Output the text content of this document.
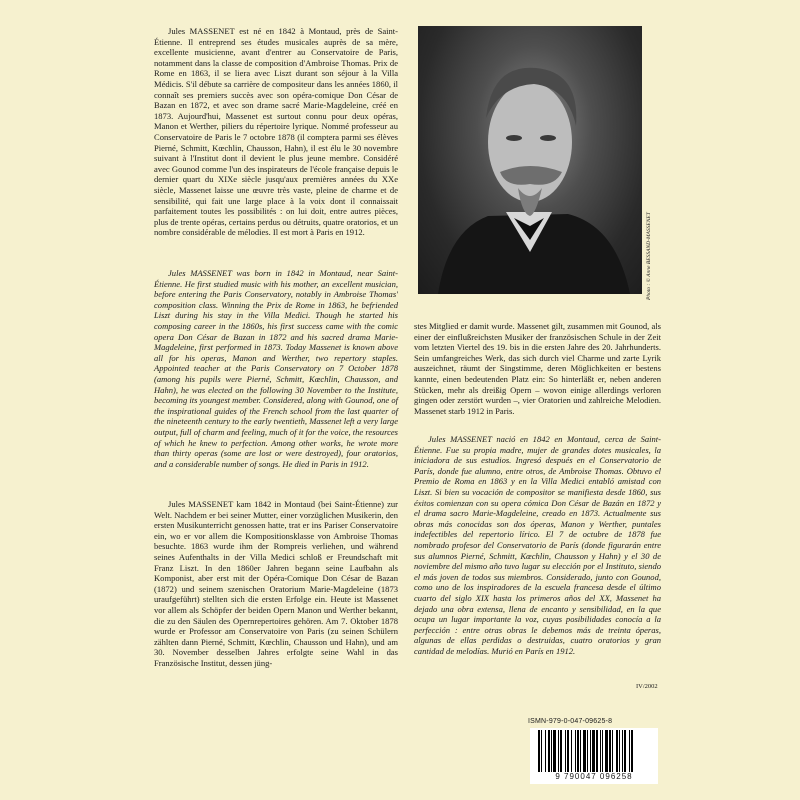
Jules MASSENET est né en 1842 à Montaud, près de Saint-Étienne. Il entreprend ses études musicales auprès de sa mère, excellente musicienne, avant d'entrer au Conservatoire de Paris, notamment dans la classe de composition d'Ambroise Thomas. Prix de Rome en 1863, il se liera avec Liszt durant son séjour à la Villa Médicis. S'il débute sa carrière de compositeur dans les années 1860, il connaît ses premiers succès avec son opéra-comique Don César de Bazan en 1872, et avec son drame sacré Marie-Magdeleine, créé en 1873. Aujourd'hui, Massenet est surtout connu pour deux opéras, Manon et Werther, piliers du répertoire lyrique. Nommé professeur au Conservatoire de Paris le 7 octobre 1878 (il comptera parmi ses élèves Pierné, Schmitt, Kœchlin, Chausson, Hahn), il est élu le 30 novembre suivant à l'Institut dont il devient le plus jeune membre. Considéré avec Gounod comme l'un des inspirateurs de l'école française depuis le dernier quart du XIXe siècle jusqu'aux premières années du XXe siècle, Massenet laisse une œuvre très vaste, pleine de charme et de sensibilité, qui fait une large place à la voix dont il connaissait parfaitement toutes les possibilités : on lui doit, entre autres pièces, plus de trente opéras, certains perdus ou détruits, quatre oratorios, et un nombre considérable de mélodies. Il est mort à Paris en 1912.

Jules MASSENET was born in 1842 in Montaud, near Saint-Étienne. He first studied music with his mother, an excellent musician, before entering the Paris Conservatory, notably in Ambroise Thomas' composition class. Winning the Prix de Rome in 1863, he befriended Liszt during his stay in the Villa Medici. Though he started his composing career in the 1860s, his first success came with the comic opera Don César de Bazan in 1872 and his sacred drama Marie-Magdeleine, first performed in 1873. Today Massenet is known above all for his operas, Manon and Werther, two repertory staples. Appointed teacher at the Paris Conservatory on 7 October 1878 (among his pupils were Pierné, Schmitt, Kœchlin, Chausson, and Hahn), he was elected on the following 30 November to the Institute, becoming its youngest member. Considered, along with Gounod, one of the inspirational guides of the French school from the last quarter of the nineteenth century to the early twentieth, Massenet left a very large output, full of charm and feeling, much of it for the voice, the resources of which he knew to perfection. Among other works, he wrote more than thirty operas (some are lost or were destroyed), four oratorios, and a considerable number of songs. He died in Paris in 1912.

Jules MASSENET kam 1842 in Montaud (bei Saint-Étienne) zur Welt. Nachdem er bei seiner Mutter, einer vorzüglichen Musikerin, den ersten Musikunterricht genossen hatte, trat er ins Pariser Conservatoire ein, wo er vor allem die Kompositionsklasse von Ambroise Thomas besuchte. 1863 wurde ihm der Rompreis verliehen, und während seines Aufenthalts in der Villa Medici schloß er Freundschaft mit Franz Liszt. In den 1860er Jahren begann seine Laufbahn als Komponist, aber erst mit der Opéra-Comique Don César de Bazan (1872) und seinem szenischen Oratorium Marie-Magdeleine (1873 uraufgeführt) stellten sich die ersten Erfolge ein. Heute ist Massenet vor allem als Schöpfer der beiden Opern Manon und Werther bekannt, die zu den Säulen des Opernrepertoires gehören. Am 7. Oktober 1878 wurde er Professor am Conservatoire von Paris (zu seinen Schülern zählten dann Pierné, Schmitt, Kœchlin, Chausson und Hahn), und am 30. November desselben Jahres erfolgte seine Wahl in das Französische Institut, dessen jüng-

stes Mitglied er damit wurde. Massenet gilt, zusammen mit Gounod, als einer der einflußreichsten Musiker der französischen Schule in der Zeit vom letzten Viertel des 19. bis in die ersten Jahre des 20. Jahrhunderts. Sein umfangreiches Werk, das sich durch viel Charme und zarte Lyrik auszeichnet, räumt der Singstimme, deren Möglichkeiten er bestens kannte, einen bedeutenden Platz ein: So hinterläßt er, neben anderen Stücken, mehr als dreißig Opern – wovon einige allerdings verloren gingen oder zerstört wurden –, vier Oratorien und zahlreiche Melodien. Massenet starb 1912 in Paris.

Jules MASSENET nació en 1842 en Montaud, cerca de Saint-Étienne. Fue su propia madre, mujer de grandes dotes musicales, la iniciadora de sus estudios. Ingresó después en el Conservatorio de París, donde fue alumno, entre otros, de Ambroise Thomas. Obtuvo el Premio de Roma en 1863 y en la Villa Medici entabló amistad con Liszt. Si bien su vocación de compositor se manifiesta desde 1860, sus éxitos comienzan con su opera cómica Don César de Bazán en 1872 y el drama sacro Marie-Magdeleine, creado en 1873. Actualmente sus obras más conocidas son dos óperas, Manon y Werther, puntales indefectibles del repertorio lírico. El 7 de octubre de 1878 fue nombrado profesor del Conservatorio de París (donde figurarán entre sus alumnos Pierné, Schmitt, Kœchlin, Chausson y Hahn) y el 30 de noviembre del mismo año tuvo lugar su elección por el Instituto, siendo el más joven de todos sus miembros. Considerado, junto con Gounod, como uno de los inspiradores de la escuela francesa desde el último cuarto del siglo XIX hasta los primeros años del XX, Massenet ha dejado una obra extensa, llena de encanto y sensibilidad, en la que ocupa un lugar importante la voz, cuyas posibilidades conocía a la perfección : entre otras obras le debemos más de treinta óperas, algunas de ellas perdidas o destruidas, cuatro oratorios y gran cantidad de melodías. Murió en París en 1912.

Photo : © Anne BESSAND-MASSENET
IV/2002
ISMN-979-0-047-09625-8
9 790047 096258
